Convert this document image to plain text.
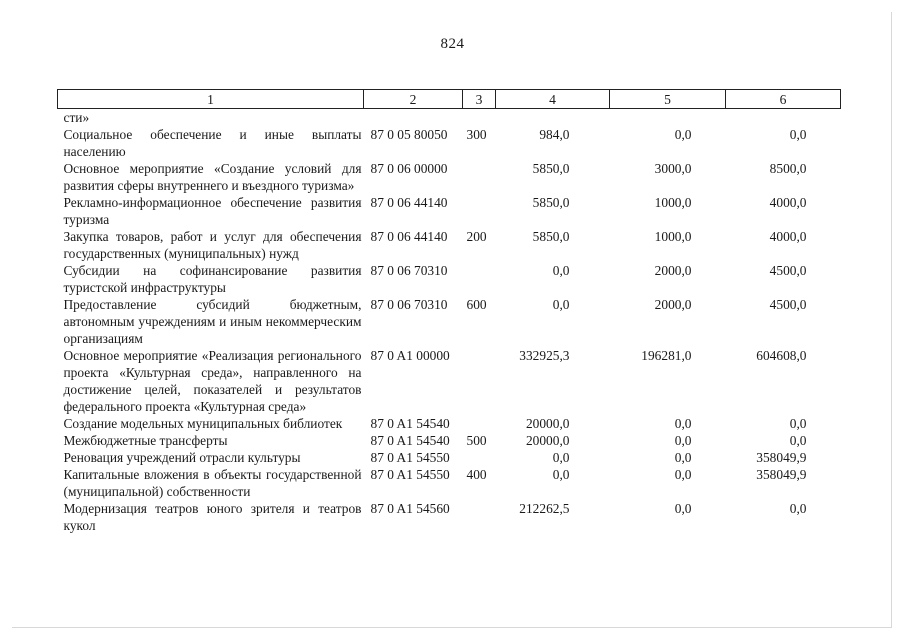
824
1	2	3	4	5	6
сти»					
Социальное обеспечение и иные выплаты населению	87 0 05 80050	300	984,0	0,0	0,0
Основное мероприятие «Создание условий для развития сферы внутреннего и въездного туризма»	87 0 06 00000		5850,0	3000,0	8500,0
Рекламно-информационное обеспечение развития туризма	87 0 06 44140		5850,0	1000,0	4000,0
Закупка товаров, работ и услуг для обеспечения государственных (муниципальных) нужд	87 0 06 44140	200	5850,0	1000,0	4000,0
Субсидии на софинансирование развития туристской инфраструктуры	87 0 06 70310		0,0	2000,0	4500,0
Предоставление субсидий бюджетным, автономным учреждениям и иным некоммерческим организациям	87 0 06 70310	600	0,0	2000,0	4500,0
Основное мероприятие «Реализация регионального проекта «Культурная среда», направленного на достижение целей, показателей и результатов федерального проекта «Культурная среда»	87 0 A1 00000		332925,3	196281,0	604608,0
Создание модельных муниципальных библиотек	87 0 A1 54540		20000,0	0,0	0,0
Межбюджетные трансферты	87 0 A1 54540	500	20000,0	0,0	0,0
Реновация учреждений отрасли культуры	87 0 A1 54550		0,0	0,0	358049,9
Капитальные вложения в объекты государственной (муниципальной) собственности	87 0 A1 54550	400	0,0	0,0	358049,9
Модернизация театров юного зрителя и театров кукол	87 0 A1 54560		212262,5	0,0	0,0
